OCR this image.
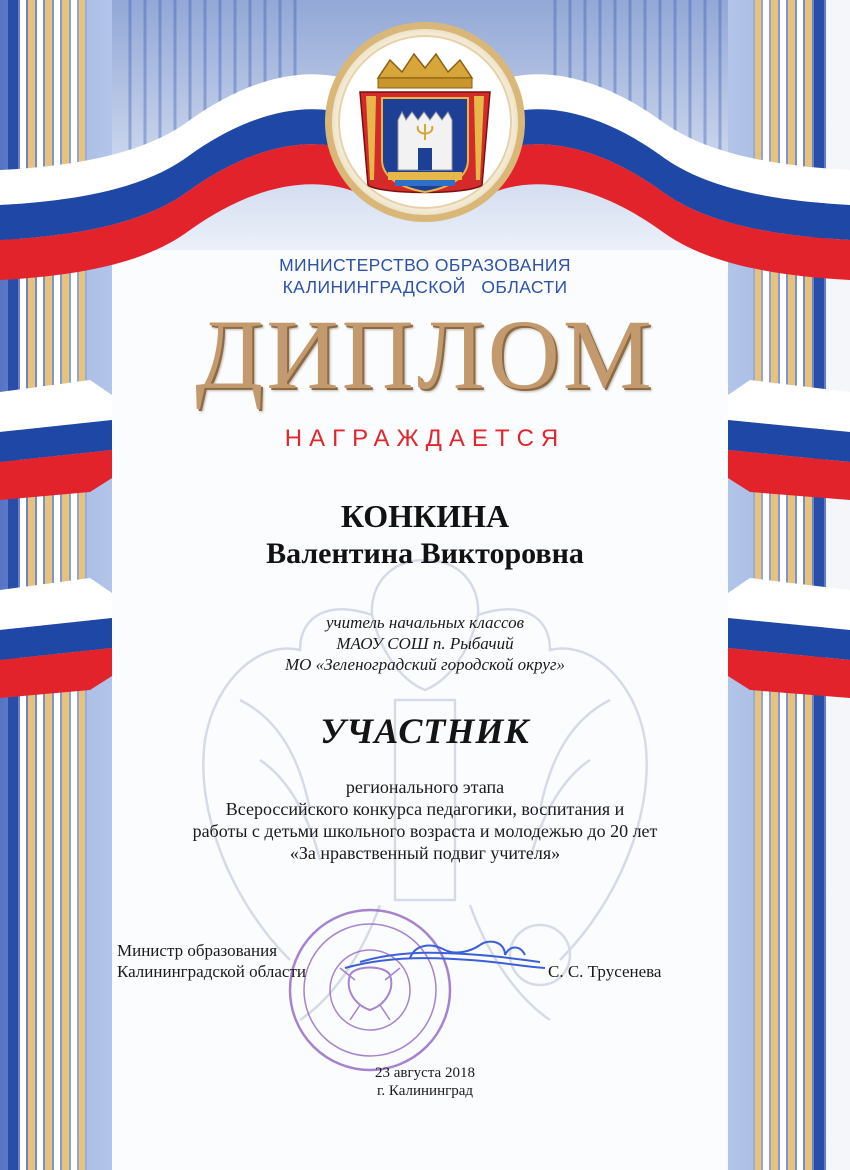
МИНИСТЕРСТВО ОБРАЗОВАНИЯ
КАЛИНИНГРАДСКОЙ   ОБЛАСТИ
ДИПЛОМ
НАГРАЖДАЕТСЯ
КОНКИНА
Валентина Викторовна
учитель начальных классов
МАОУ СОШ п. Рыбачий
МО «Зеленоградский городской округ»
УЧАСТНИК
регионального этапа
Всероссийского конкурса педагогики, воспитания и
работы с детьми школьного возраста и молодежью до 20 лет
«За нравственный подвиг учителя»
Министр образования
Калининградской области	С. С. Трусенева
23 августа 2018
г. Калининград
